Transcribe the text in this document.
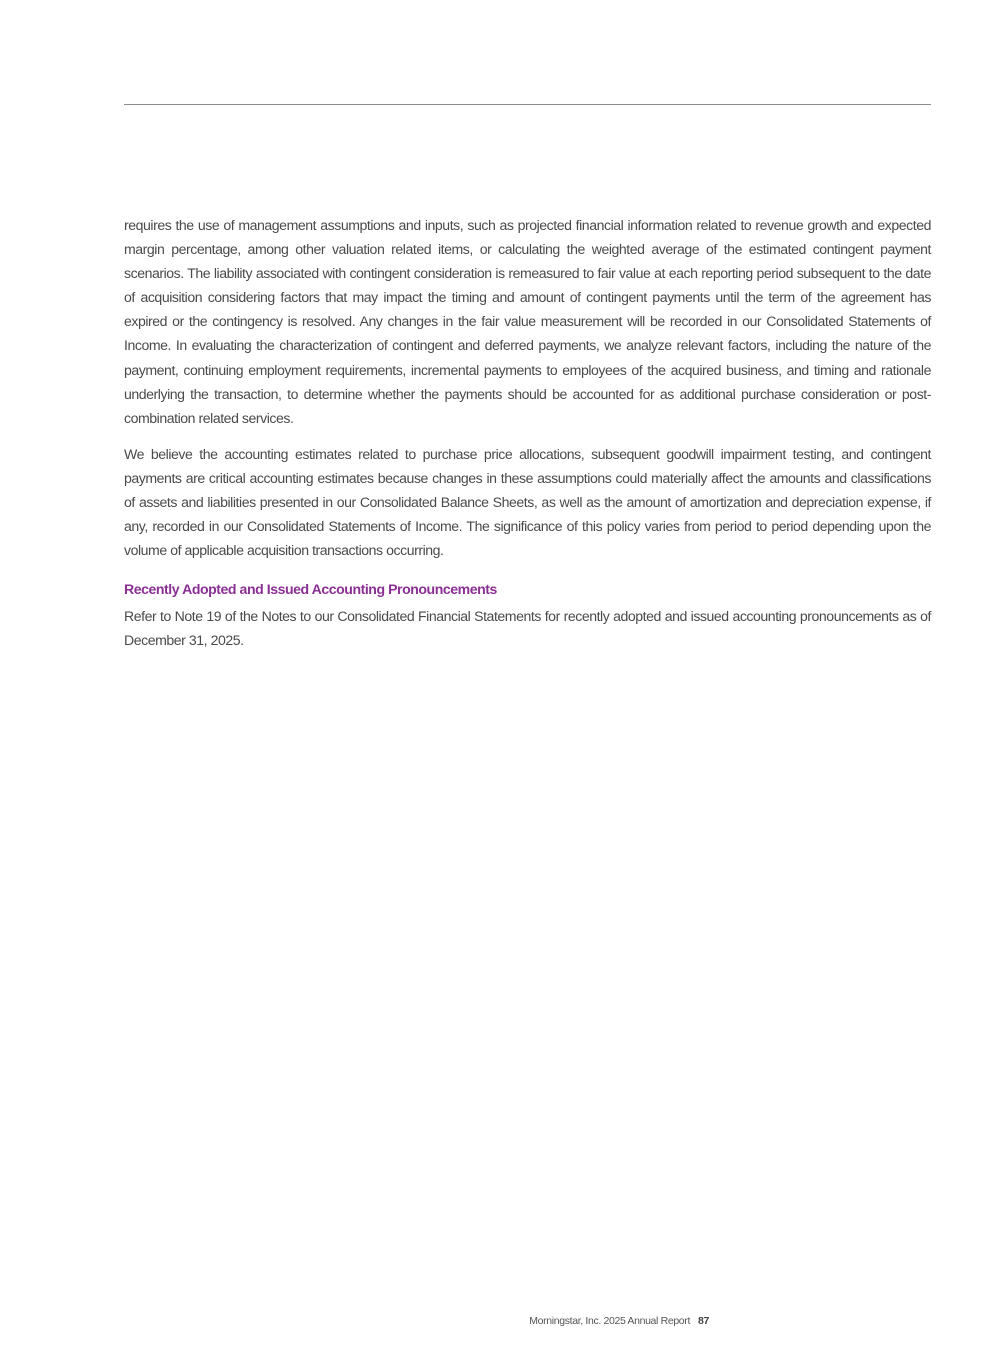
requires the use of management assumptions and inputs, such as projected financial information related to revenue growth and expected margin percentage, among other valuation related items, or calculating the weighted average of the estimated contingent payment scenarios. The liability associated with contingent consideration is remeasured to fair value at each reporting period subsequent to the date of acquisition considering factors that may impact the timing and amount of contingent payments until the term of the agreement has expired or the contingency is resolved. Any changes in the fair value measurement will be recorded in our Consolidated Statements of Income. In evaluating the characterization of contingent and deferred payments, we analyze relevant factors, including the nature of the payment, continuing employment requirements, incremental payments to employees of the acquired business, and timing and rationale underlying the transaction, to determine whether the payments should be accounted for as additional purchase consideration or post-combination related services.

We believe the accounting estimates related to purchase price allocations, subsequent goodwill impairment testing, and contingent payments are critical accounting estimates because changes in these assumptions could materially affect the amounts and classifications of assets and liabilities presented in our Consolidated Balance Sheets, as well as the amount of amortization and depreciation expense, if any, recorded in our Consolidated Statements of Income. The significance of this policy varies from period to period depending upon the volume of applicable acquisition transactions occurring.

Recently Adopted and Issued Accounting Pronouncements

Refer to Note 19 of the Notes to our Consolidated Financial Statements for recently adopted and issued accounting pronouncements as of December 31, 2025.

Morningstar, Inc. 2025 Annual Report 87
